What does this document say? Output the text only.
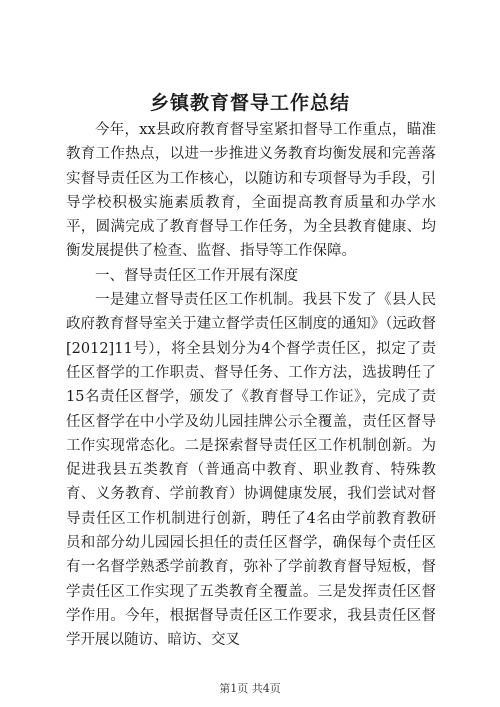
乡镇教育督导工作总结

今年，xx县政府教育督导室紧扣督导工作重点，瞄准教育工作热点，以进一步推进义务教育均衡发展和完善落实督导责任区为工作核心，以随访和专项督导为手段，引导学校积极实施素质教育，全面提高教育质量和办学水平，圆满完成了教育督导工作任务，为全县教育健康、均衡发展提供了检查、监督、指导等工作保障。

一、督导责任区工作开展有深度

一是建立督导责任区工作机制。我县下发了《县人民政府教育督导室关于建立督学责任区制度的通知》（远政督[2012]11号），将全县划分为4个督学责任区，拟定了责任区督学的工作职责、督导任务、工作方法，选拔聘任了15名责任区督学，颁发了《教育督导工作证》，完成了责任区督学在中小学及幼儿园挂牌公示全覆盖，责任区督导工作实现常态化。二是探索督导责任区工作机制创新。为促进我县五类教育（普通高中教育、职业教育、特殊教育、义务教育、学前教育）协调健康发展，我们尝试对督导责任区工作机制进行创新，聘任了4名由学前教育教研员和部分幼儿园园长担任的责任区督学，确保每个责任区有一名督学熟悉学前教育，弥补了学前教育督导短板，督学责任区工作实现了五类教育全覆盖。三是发挥责任区督学作用。今年，根据督导责任区工作要求，我县责任区督学开展以随访、暗访、交叉

第1页 共4页
